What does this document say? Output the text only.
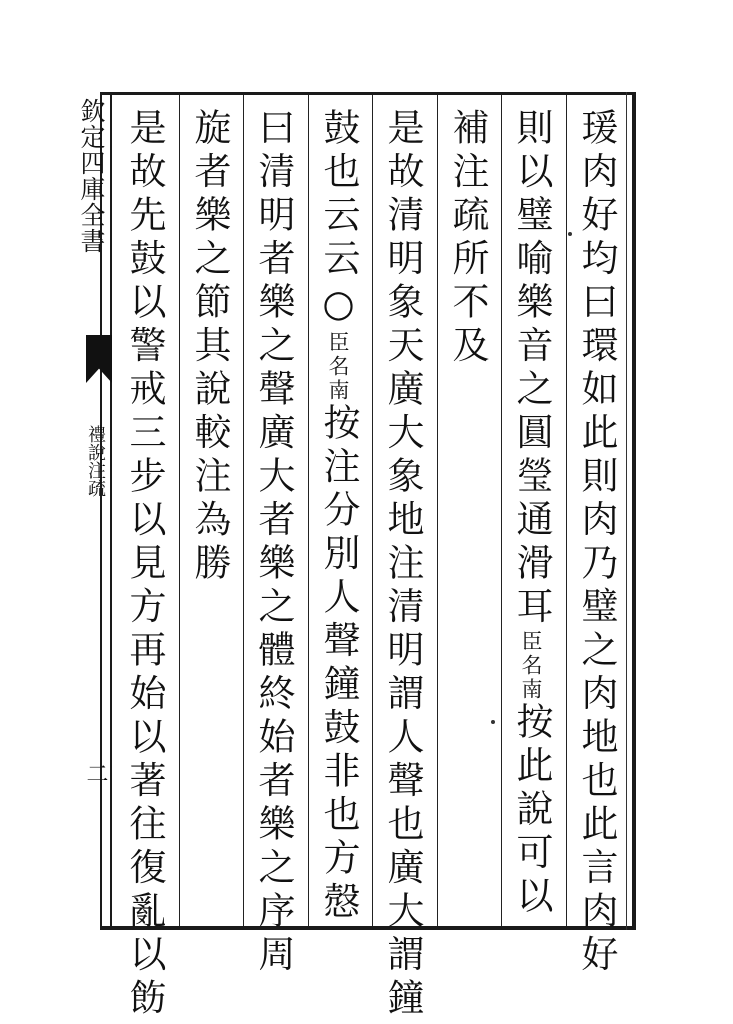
欽定四庫全書
禮說注疏
二	瑗肉好均曰環如此則肉乃璧之肉地也此言肉好
則以璧喻樂音之圓瑩通滑耳臣名南按此說可以
補注疏所不及
是故清明象天廣大象地注清明謂人聲也廣大謂鐘
鼓也云云○臣名南按注分別人聲鐘鼓非也方慤
曰清明者樂之聲廣大者樂之體終始者樂之序周
旋者樂之節其說較注為勝
是故先鼓以警戒三步以見方再始以著往復亂以飭
